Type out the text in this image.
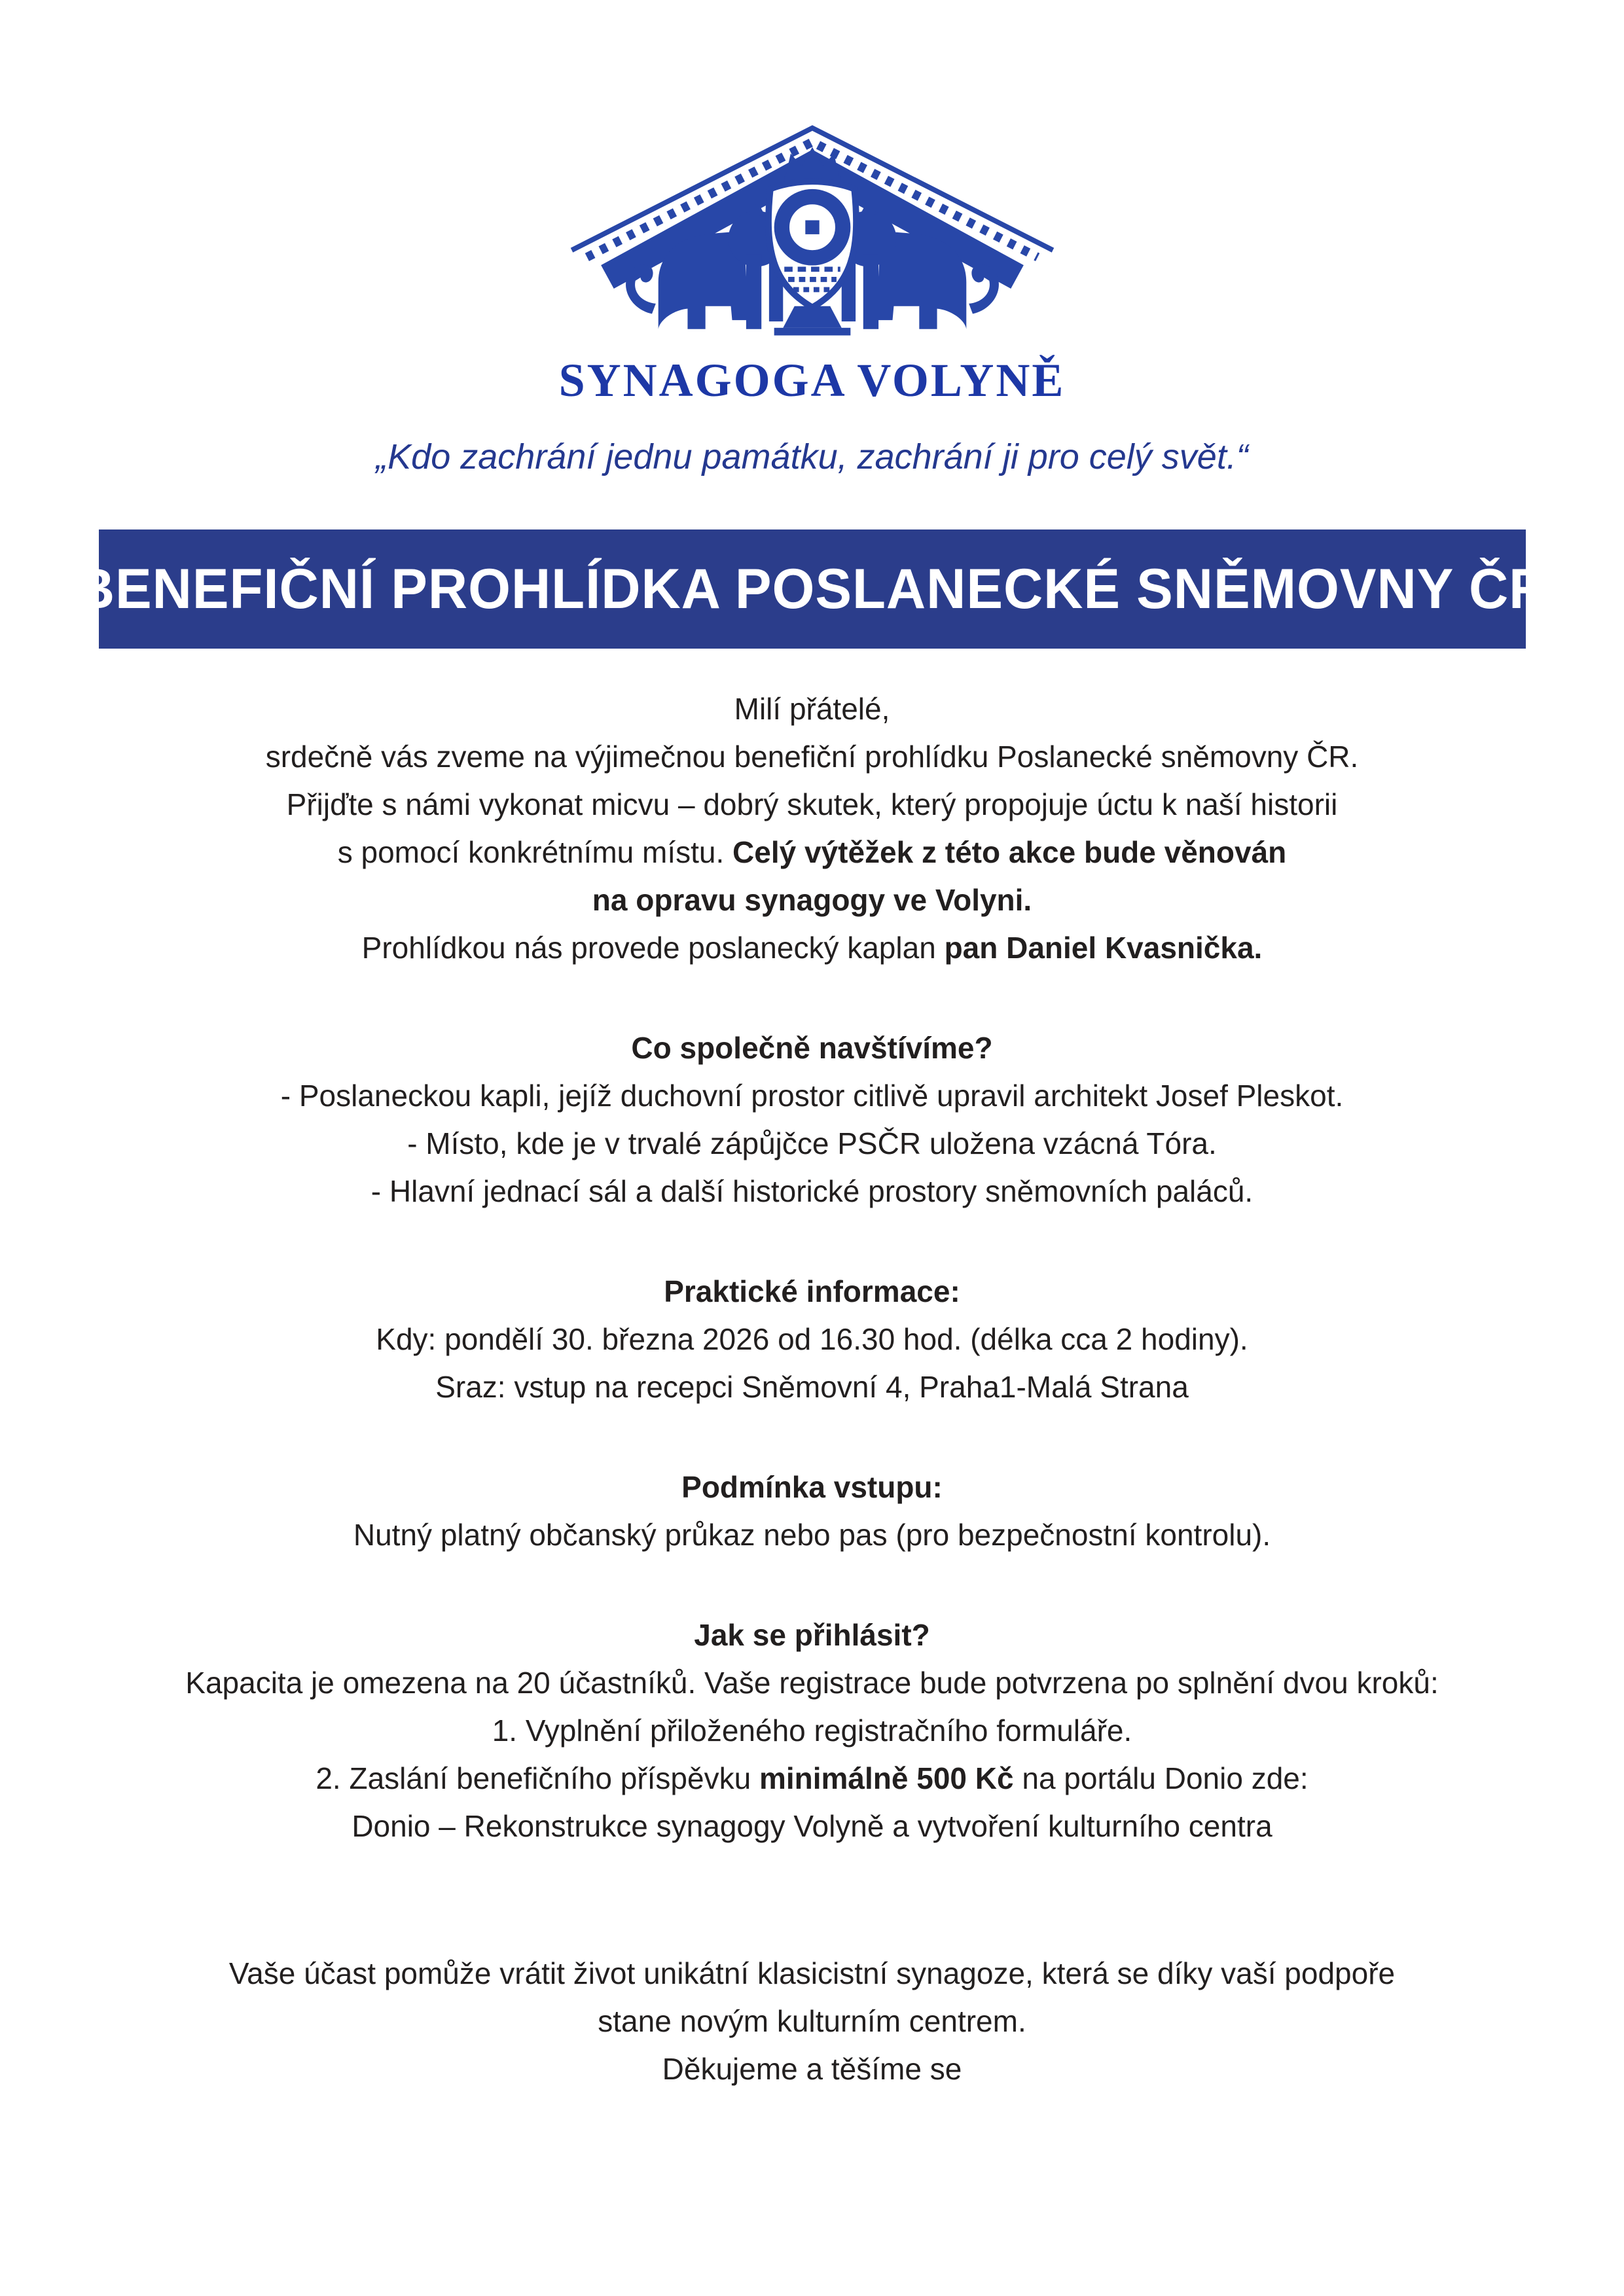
SYNAGOGA VOLYNĚ
„Kdo zachrání jednu památku, zachrání ji pro celý svět.“
BENEFIČNÍ PROHLÍDKA POSLANECKÉ SNĚMOVNY ČR

Milí přátelé,

srdečně vás zveme na výjimečnou benefiční prohlídku Poslanecké sněmovny ČR.

Přijďte s námi vykonat micvu – dobrý skutek, který propojuje úctu k naší historii

s pomocí konkrétnímu místu. Celý výtěžek z této akce bude věnován

na opravu synagogy ve Volyni.

Prohlídkou nás provede poslanecký kaplan pan Daniel Kvasnička.

Co společně navštívíme?

- Poslaneckou kapli, jejíž duchovní prostor citlivě upravil architekt Josef Pleskot.

- Místo, kde je v trvalé zápůjčce PSČR uložena vzácná Tóra.

- Hlavní jednací sál a další historické prostory sněmovních paláců.

Praktické informace:

Kdy: pondělí 30. března 2026 od 16.30 hod. (délka cca 2 hodiny).

Sraz: vstup na recepci Sněmovní 4, Praha1-Malá Strana

Podmínka vstupu:

Nutný platný občanský průkaz nebo pas (pro bezpečnostní kontrolu).

Jak se přihlásit?

Kapacita je omezena na 20 účastníků. Vaše registrace bude potvrzena po splnění dvou kroků:

1. Vyplnění přiloženého registračního formuláře.

2. Zaslání benefičního příspěvku minimálně 500 Kč na portálu Donio zde:

Donio – Rekonstrukce synagogy Volyně a vytvoření kulturního centra

Vaše účast pomůže vrátit život unikátní klasicistní synagoze, která se díky vaší podpoře

stane novým kulturním centrem.

Děkujeme a těšíme se
